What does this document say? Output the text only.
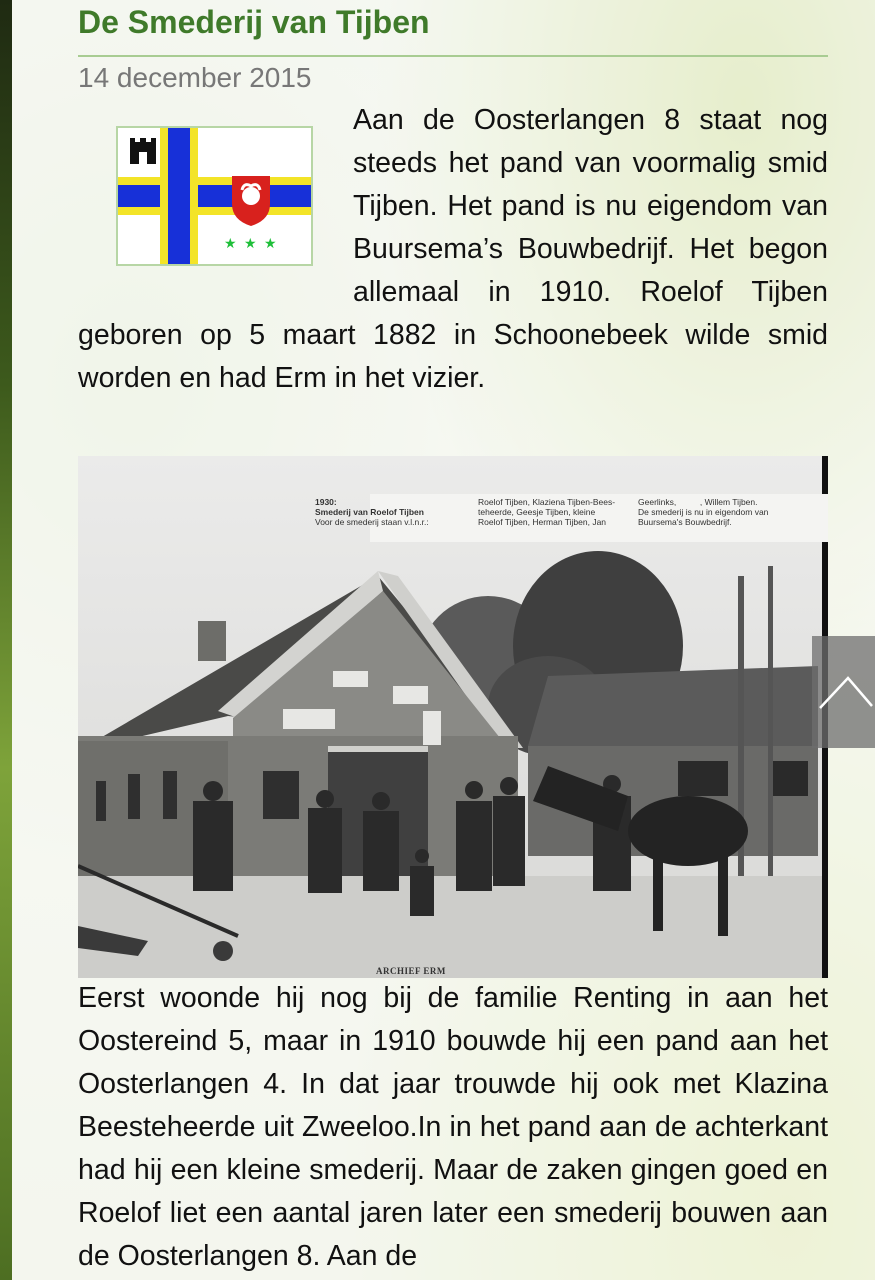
De Smederij van Tijben
14 december 2015

Aan de Oosterlangen 8 staat nog steeds het pand van voormalig smid Tijben. Het pand is nu eigendom van Buursema’s Bouwbedrijf. Het begon allemaal in 1910. Roelof Tijben geboren op 5 maart 1882 in Schoonebeek wilde smid worden en had Erm in het vizier.

★ ★ ★
1930:
Smederij van Roelof Tijben
Voor de smederij staan v.l.n.r.:
Roelof Tijben, Klaziena Tijben-Bees-
teheerde, Geesje Tijben, kleine
Roelof Tijben, Herman Tijben, Jan
Geerlinks,          , Willem Tijben.
De smederij is nu in eigendom van
Buursema's Bouwbedrijf.
ARCHIEF ERM

Eerst woonde hij nog bij de familie Renting in aan het Oostereind 5, maar in 1910 bouwde hij een pand aan het Oosterlangen 4. In dat jaar trouwde hij ook met Klazina Beesteheerde uit Zweeloo.In in het pand aan de achterkant had hij een kleine smederij. Maar de zaken gingen goed en Roelof liet een aantal jaren later een smederij bouwen aan de Oosterlangen 8. Aan de
